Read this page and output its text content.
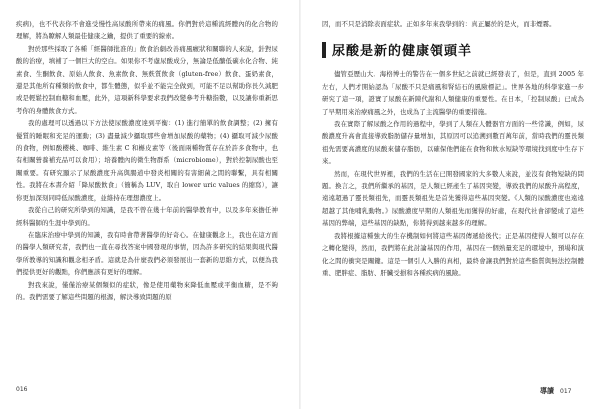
疾病)，也不代表你不會進受慢性高尿酸所帶來的痛風。你們對於這種流經體內的化合物的理解，將為瞭解人類最佳健康之鑰，提供了重要的線索。

對於那些採取了各種「經醫師批准的」飲食治劇改善痛風癥狀和關聯的人來說，針對尿酸的治療，填補了一個巨大的空白。如果你不考慮尿酸成分，無論是低醣低碳水化合物、純素食、生酮飲食、原始人飲食、魚素飲食、無麩質飲食（gluten-free）飲食、蛋奶素食，還是其他所有種類的飲食中，都生體態，似乎並不能完全做到，可能不足以幫助你長久減肥或是輕鬆控制血糖和血壓，此外，這項新科學要求我們改變參考升糖指數，以及讓你重新思考你的身體飲食方式。

我的處理可以透過以下方法使尿酸濃度達到平衡：(1) 進行簡單的飲食調整；(2) 擁有優質的睡眠和充足的運動；(3) 盡量減少攝取那些會增加尿酸的藥物；(4) 攝取可減少尿酸的食物，例如酸櫻桃、咖啡、維生素 C 和槲皮素等（後面兩種物質存在於許多食物中，也有相關營養補充品可以食用）；培養體內的微生物群系（microbiome），對於控制尿酸也至關重要。有研究顯示了尿酸濃度升高與腸道中發炎相關的有害細菌之間的聯繫，具有相關性。我將在本書介紹「降尿酸飲食」（簡稱為 LUV，取自 lower uric values 的縮寫），讓你更加深刻同時低尿酸濃度，並維持在理想濃度上。

我從自己的研究所學到的知識，是我不曾在幾十年前的醫學教育中，以及多年來擔任神經科醫師的生涯中學到的。

在臨床治療中學到的知識，我有時會帶著醫學的好奇心。在健康觀念上，我也在這方面的醫學人類研究者，我們也一直在尋找答案中國發現的事情，因為許多研究的結果與現代醫學所教導的知識和觀念相矛盾。這就是為什麼我們必須發展出一套新的思維方式，以便為我們提供更好的觀點，你們應該有更好的理解。

對我來說，僅僅治療某個類似的症狀，像是使用藥物來降低血壓或平衡血糖，是不夠的。我們需要了解這些問題的根源，解決導致問題的原

因，而不只是消除表面症狀。正如多年來我學到的：真正屬於的是火，而非煙霧。

尿酸是新的健康領頭羊

儘管亞歷山大．海格博士的警告在一個多世紀之前就已經發表了，但是，直到 2005 年左右，人們才開始認為「尿酸不只是痛風和腎結石的風險標記」。世界各地的科學家進一步研究了這一項，證實了尿酸在新陳代謝和人類健康的重要性。在日本，「控制尿酸」已成為了早期用來治療痛風之外，也成為了主流醫學的重要措施。

我在實際了解尿酸之作用的過程中，學到了人類在人體器官方面的一些常識，例如，尿酸濃度升高會直接導致脂肪儲存量增加，其原因可以追溯到數百萬年前，當時我們的靈長類祖先需要高濃度的尿酸來儲存脂肪，以確保他們能在食物和飲水短缺等環境找到度中生存下來。

然而，在現代世界裡，我們的生活在已開發國家的大多數人來說，並沒有食物短缺的問題。換言之，我們所繼承的基因，是人類已經產生了基因突變，導致我們的尿酸升高程度，遠遠超過了靈長類祖先，而靈長類祖先是首先獲得這些基因突變。《人類的尿酸濃度也遠遠超越了其他哺乳動物。》尿酸濃度早期的人類祖先而獲得的好處，在現代社會卻變成了這些基因的弊端，這些基因的缺點，你將得到越來越多的理解。

我將根據這種強大的生存機制如何將這些基因傳遞給後代；正是基因使得人類可以存在之轉化變得，然而，我們將在此討論基因的作用，基因在一個熟量充足的環境中，預場和演化之間的衝突是關鍵。這是一個引人入勝的真相，最終會讓我們對於這些脂質與無法控制體重、肥胖症、脂肪、肝臟受損和各種疾病的風險。

016	導讀 017
